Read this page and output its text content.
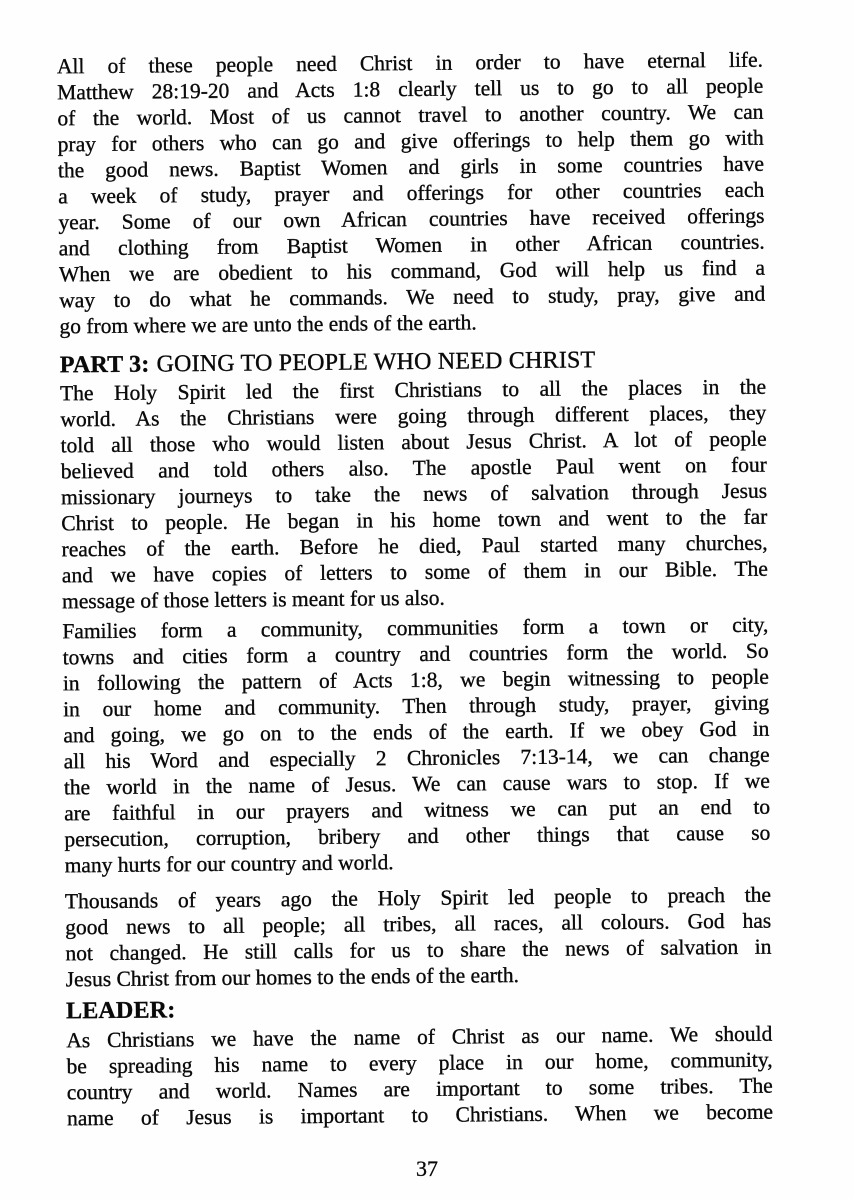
All of these people need Christ in order to have eternal life.
Matthew 28:19-20 and Acts 1:8 clearly tell us to go to all people
of the world. Most of us cannot travel to another country. We can
pray for others who can go and give offerings to help them go with
the good news. Baptist Women and girls in some countries have
a week of study, prayer and offerings for other countries each
year. Some of our own African countries have received offerings
and clothing from Baptist Women in other African countries.
When we are obedient to his command, God will help us find a
way to do what he commands. We need to study, pray, give and
go from where we are unto the ends of the earth.
PART 3: GOING TO PEOPLE WHO NEED CHRIST
The Holy Spirit led the first Christians to all the places in the
world. As the Christians were going through different places, they
told all those who would listen about Jesus Christ. A lot of people
believed and told others also. The apostle Paul went on four
missionary journeys to take the news of salvation through Jesus
Christ to people. He began in his home town and went to the far
reaches of the earth. Before he died, Paul started many churches,
and we have copies of letters to some of them in our Bible. The
message of those letters is meant for us also.
Families form a community, communities form a town or city,
towns and cities form a country and countries form the world. So
in following the pattern of Acts 1:8, we begin witnessing to people
in our home and community. Then through study, prayer, giving
and going, we go on to the ends of the earth. If we obey God in
all his Word and especially 2 Chronicles 7:13-14, we can change
the world in the name of Jesus. We can cause wars to stop. If we
are faithful in our prayers and witness we can put an end to
persecution, corruption, bribery and other things that cause so
many hurts for our country and world.
Thousands of years ago the Holy Spirit led people to preach the
good news to all people; all tribes, all races, all colours. God has
not changed. He still calls for us to share the news of salvation in
Jesus Christ from our homes to the ends of the earth.
LEADER:
As Christians we have the name of Christ as our name. We should
be spreading his name to every place in our home, community,
country and world. Names are important to some tribes. The
name of Jesus is important to Christians. When we become
37
